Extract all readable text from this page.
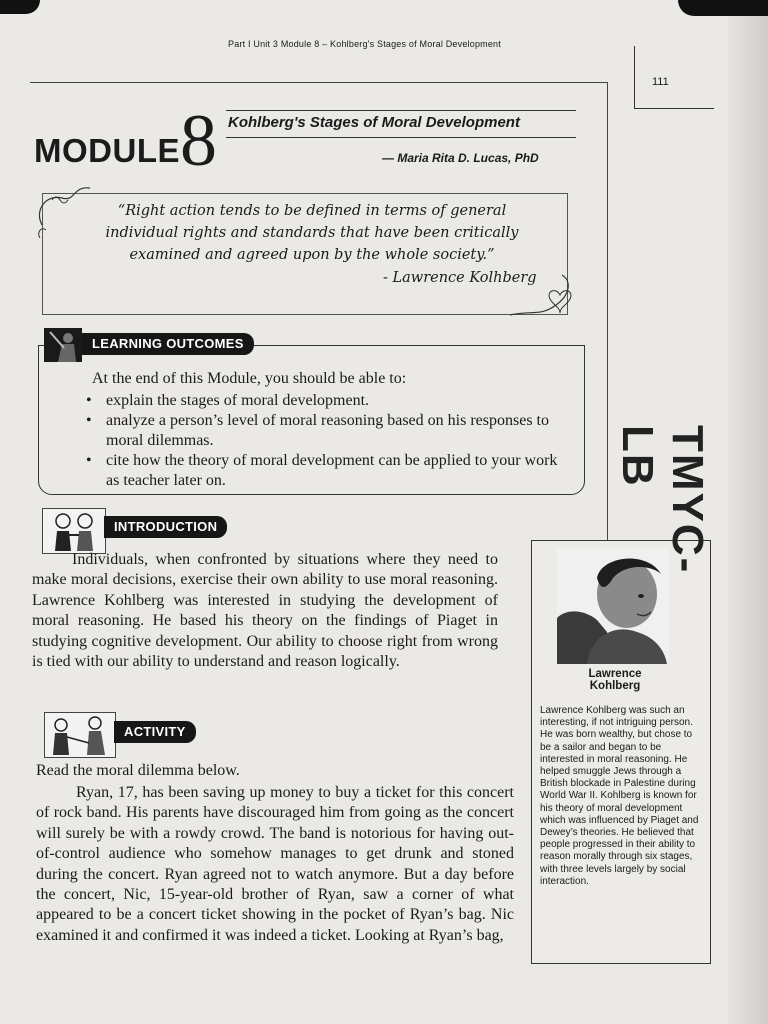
Part I Unit 3 Module 8 – Kohlberg's Stages of Moral Development
111
MODULE 8 Kohlberg's Stages of Moral Development
— Maria Rita D. Lucas, PhD
“Right action tends to be defined in terms of general
individual rights and standards that have been critically
examined and agreed upon by the whole society.”
- Lawrence Kolhberg
LEARNING OUTCOMES
At the end of this Module, you should be able to:
• explain the stages of moral development.
• analyze a person’s level of moral reasoning based on his responses to moral dilemmas.
• cite how the theory of moral development can be applied to your work as teacher later on.
INTRODUCTION
Individuals, when confronted by situations where they need to make moral decisions, exercise their own ability to use moral reasoning. Lawrence Kohlberg was interested in studying the development of moral reasoning. He based his theory on the findings of Piaget in studying cognitive development. Our ability to choose right from wrong is tied with our ability to understand and reason logically.
ACTIVITY
Read the moral dilemma below.
Ryan, 17, has been saving up money to buy a ticket for this concert of rock band. His parents have discouraged him from going as the concert will surely be with a rowdy crowd. The band is notorious for having out-of-control audience who somehow manages to get drunk and stoned during the concert. Ryan agreed not to watch anymore. But a day before the concert, Nic, 15-year-old brother of Ryan, saw a corner of what appeared to be a concert ticket showing in the pocket of Ryan’s bag. Nic examined it and confirmed it was indeed a ticket. Looking at Ryan’s bag,
Lawrence
Kohlberg
Lawrence Kohlberg was such an interesting, if not intriguing person. He was born wealthy, but chose to be a sailor and began to be interested in moral reasoning. He helped smuggle Jews through a British blockade in Palestine during World War II. Kohlberg is known for his theory of moral development which was influenced by Piaget and Dewey’s theories. He believed that people progressed in their ability to reason morally through six stages, with three levels largely by social interaction.
TMYC-LB
